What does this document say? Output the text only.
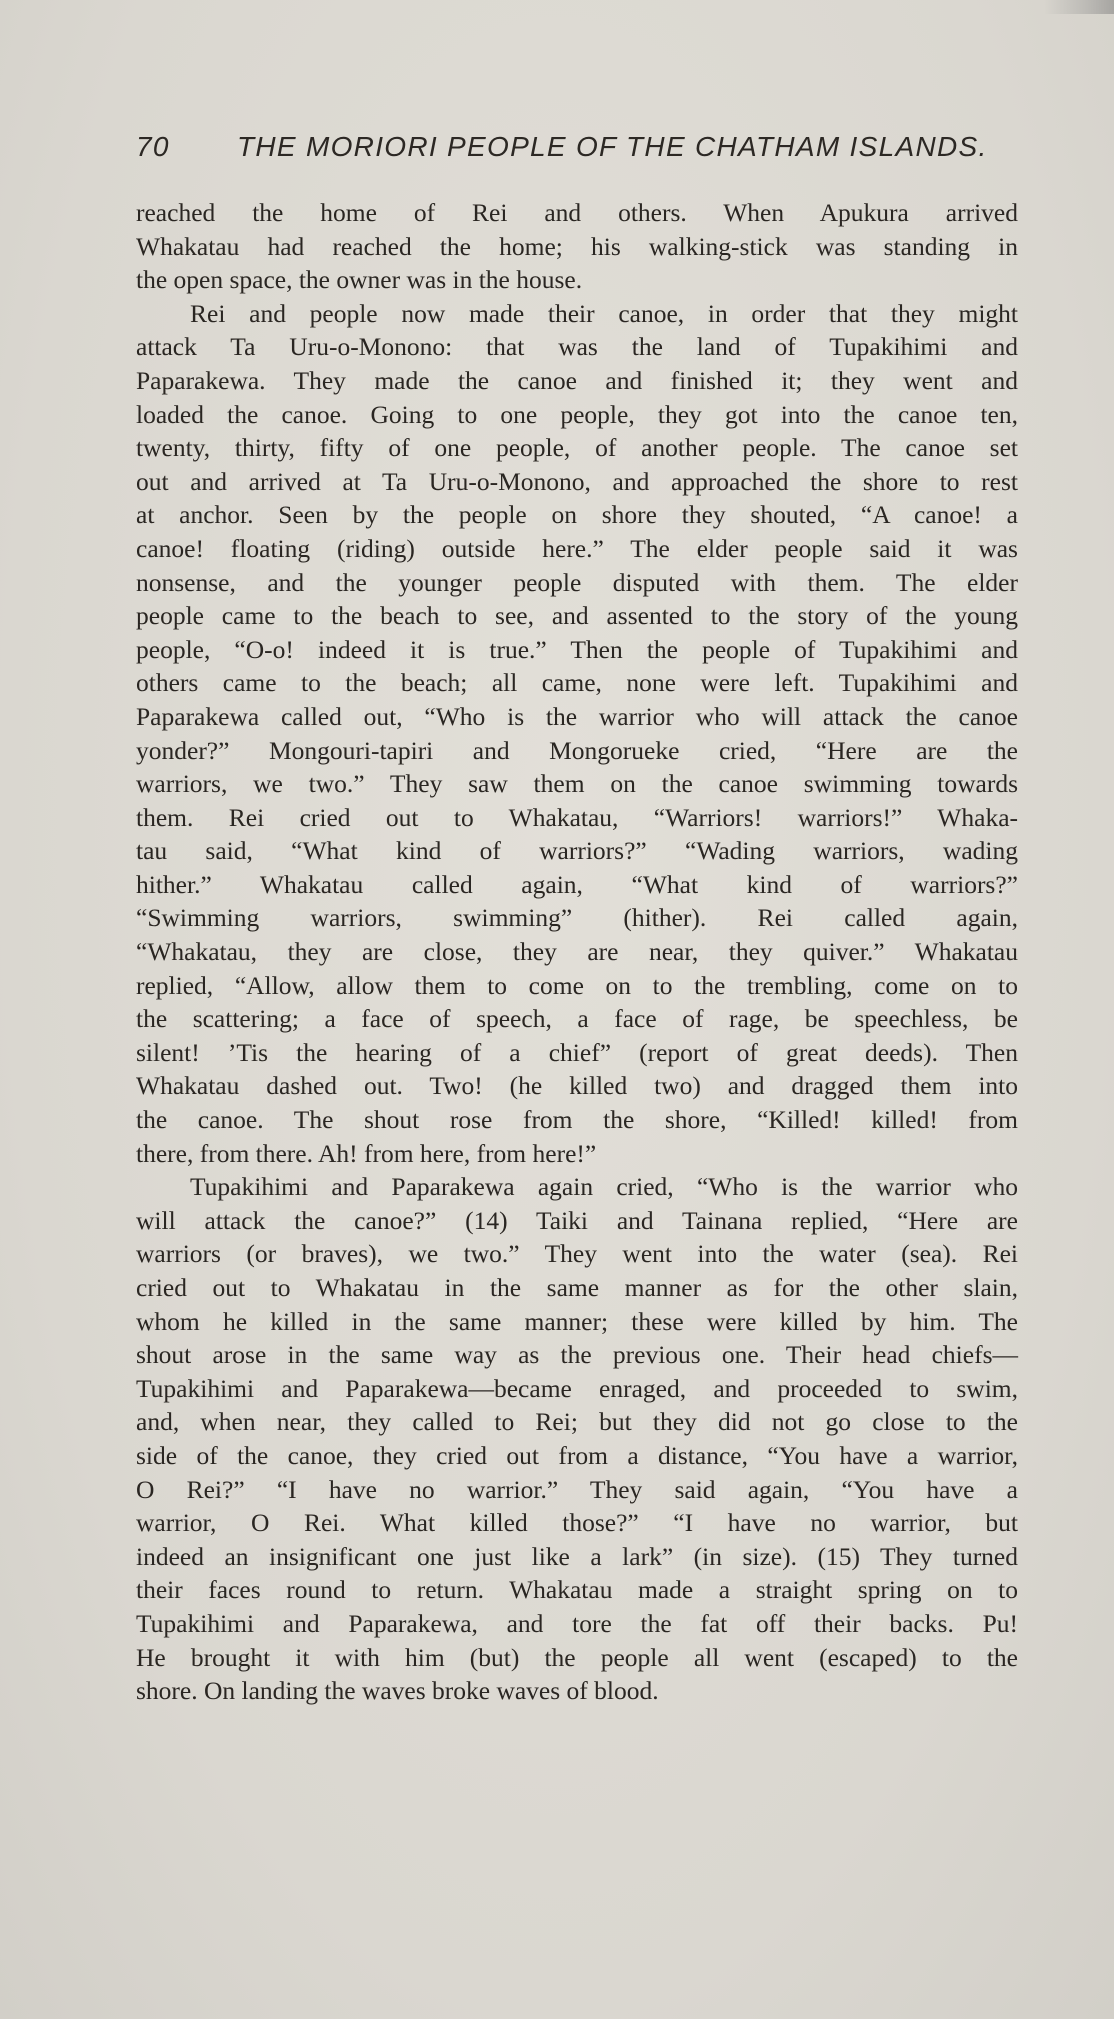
70 THE MORIORI PEOPLE OF THE CHATHAM ISLANDS.
reached the home of Rei and others. When Apukura arrived
Whakatau had reached the home; his walking-stick was standing in
the open space, the owner was in the house.
Rei and people now made their canoe, in order that they might
attack Ta Uru-o-Monono: that was the land of Tupakihimi and
Paparakewa. They made the canoe and finished it; they went and
loaded the canoe. Going to one people, they got into the canoe ten,
twenty, thirty, fifty of one people, of another people. The canoe set
out and arrived at Ta Uru-o-Monono, and approached the shore to rest
at anchor. Seen by the people on shore they shouted, “A canoe! a
canoe! floating (riding) outside here.” The elder people said it was
nonsense, and the younger people disputed with them. The elder
people came to the beach to see, and assented to the story of the young
people, “O-o! indeed it is true.” Then the people of Tupakihimi and
others came to the beach; all came, none were left. Tupakihimi and
Paparakewa called out, “Who is the warrior who will attack the canoe
yonder?” Mongouri-tapiri and Mongorueke cried, “Here are the
warriors, we two.” They saw them on the canoe swimming towards
them. Rei cried out to Whakatau, “Warriors! warriors!” Whaka-
tau said, “What kind of warriors?” “Wading warriors, wading
hither.” Whakatau called again, “What kind of warriors?”
“Swimming warriors, swimming” (hither). Rei called again,
“Whakatau, they are close, they are near, they quiver.” Whakatau
replied, “Allow, allow them to come on to the trembling, come on to
the scattering; a face of speech, a face of rage, be speechless, be
silent! ’Tis the hearing of a chief” (report of great deeds). Then
Whakatau dashed out. Two! (he killed two) and dragged them into
the canoe. The shout rose from the shore, “Killed! killed! from
there, from there. Ah! from here, from here!”
Tupakihimi and Paparakewa again cried, “Who is the warrior who
will attack the canoe?” (14) Taiki and Tainana replied, “Here are
warriors (or braves), we two.” They went into the water (sea). Rei
cried out to Whakatau in the same manner as for the other slain,
whom he killed in the same manner; these were killed by him. The
shout arose in the same way as the previous one. Their head chiefs—
Tupakihimi and Paparakewa—became enraged, and proceeded to swim,
and, when near, they called to Rei; but they did not go close to the
side of the canoe, they cried out from a distance, “You have a warrior,
O Rei?” “I have no warrior.” They said again, “You have a
warrior, O Rei. What killed those?” “I have no warrior, but
indeed an insignificant one just like a lark” (in size). (15) They turned
their faces round to return. Whakatau made a straight spring on to
Tupakihimi and Paparakewa, and tore the fat off their backs. Pu!
He brought it with him (but) the people all went (escaped) to the
shore. On landing the waves broke waves of blood.
